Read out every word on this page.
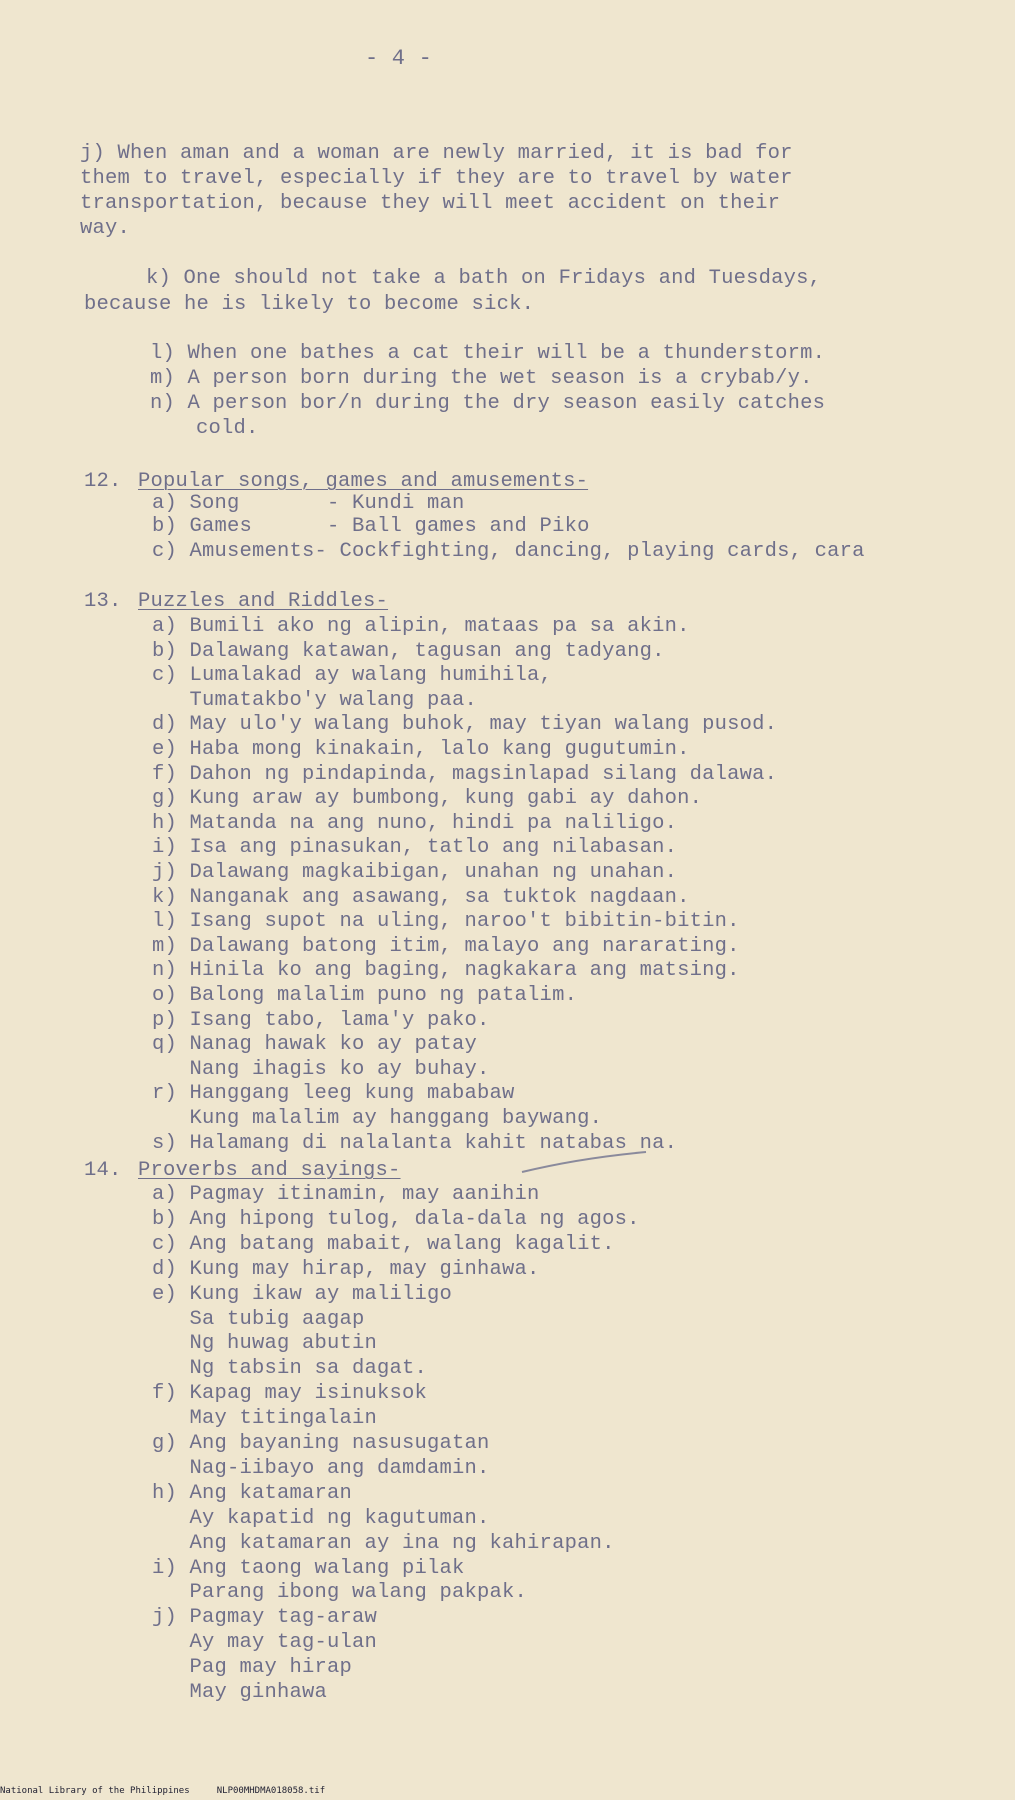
- 4 -
j) When aman and a woman are newly married, it is bad for
them to travel, especially if they are to travel by water
transportation, because they will meet accident on their
way.
k) One should not take a bath on Fridays and Tuesdays,
because he is likely to become sick.
l) When one bathes a cat their will be a thunderstorm.
m) A person born during the wet season is a crybab/y.
n) A person bor/n during the dry season easily catches
cold.
12. Popular songs, games and amusements-
a) Song       - Kundi man
b) Games      - Ball games and Piko
c) Amusements- Cockfighting, dancing, playing cards, cara
13. Puzzles and Riddles-
a) Bumili ako ng alipin, mataas pa sa akin.
b) Dalawang katawan, tagusan ang tadyang.
c) Lumalakad ay walang humihila,
Tumatakbo'y walang paa.
d) May ulo'y walang buhok, may tiyan walang pusod.
e) Haba mong kinakain, lalo kang gugutumin.
f) Dahon ng pindapinda, magsinlapad silang dalawa.
g) Kung araw ay bumbong, kung gabi ay dahon.
h) Matanda na ang nuno, hindi pa naliligo.
i) Isa ang pinasukan, tatlo ang nilabasan.
j) Dalawang magkaibigan, unahan ng unahan.
k) Nanganak ang asawang, sa tuktok nagdaan.
l) Isang supot na uling, naroo't bibitin-bitin.
m) Dalawang batong itim, malayo ang nararating.
n) Hinila ko ang baging, nagkakara ang matsing.
o) Balong malalim puno ng patalim.
p) Isang tabo, lama'y pako.
q) Nanag hawak ko ay patay
Nang ihagis ko ay buhay.
r) Hanggang leeg kung mababaw
Kung malalim ay hanggang baywang.
s) Halamang di nalalanta kahit natabas na.
14. Proverbs and sayings-
a) Pagmay itinamin, may aanihin
b) Ang hipong tulog, dala-dala ng agos.
c) Ang batang mabait, walang kagalit.
d) Kung may hirap, may ginhawa.
e) Kung ikaw ay maliligo
Sa tubig aagap
Ng huwag abutin
Ng tabsin sa dagat.
f) Kapag may isinuksok
May titingalain
g) Ang bayaning nasusugatan
Nag-iibayo ang damdamin.
h) Ang katamaran
Ay kapatid ng kagutuman.
Ang katamaran ay ina ng kahirapan.
i) Ang taong walang pilak
Parang ibong walang pakpak.
j) Pagmay tag-araw
Ay may tag-ulan
Pag may hirap
May ginhawa
National Library of the Philippines     NLP00MHDMA018058.tif
